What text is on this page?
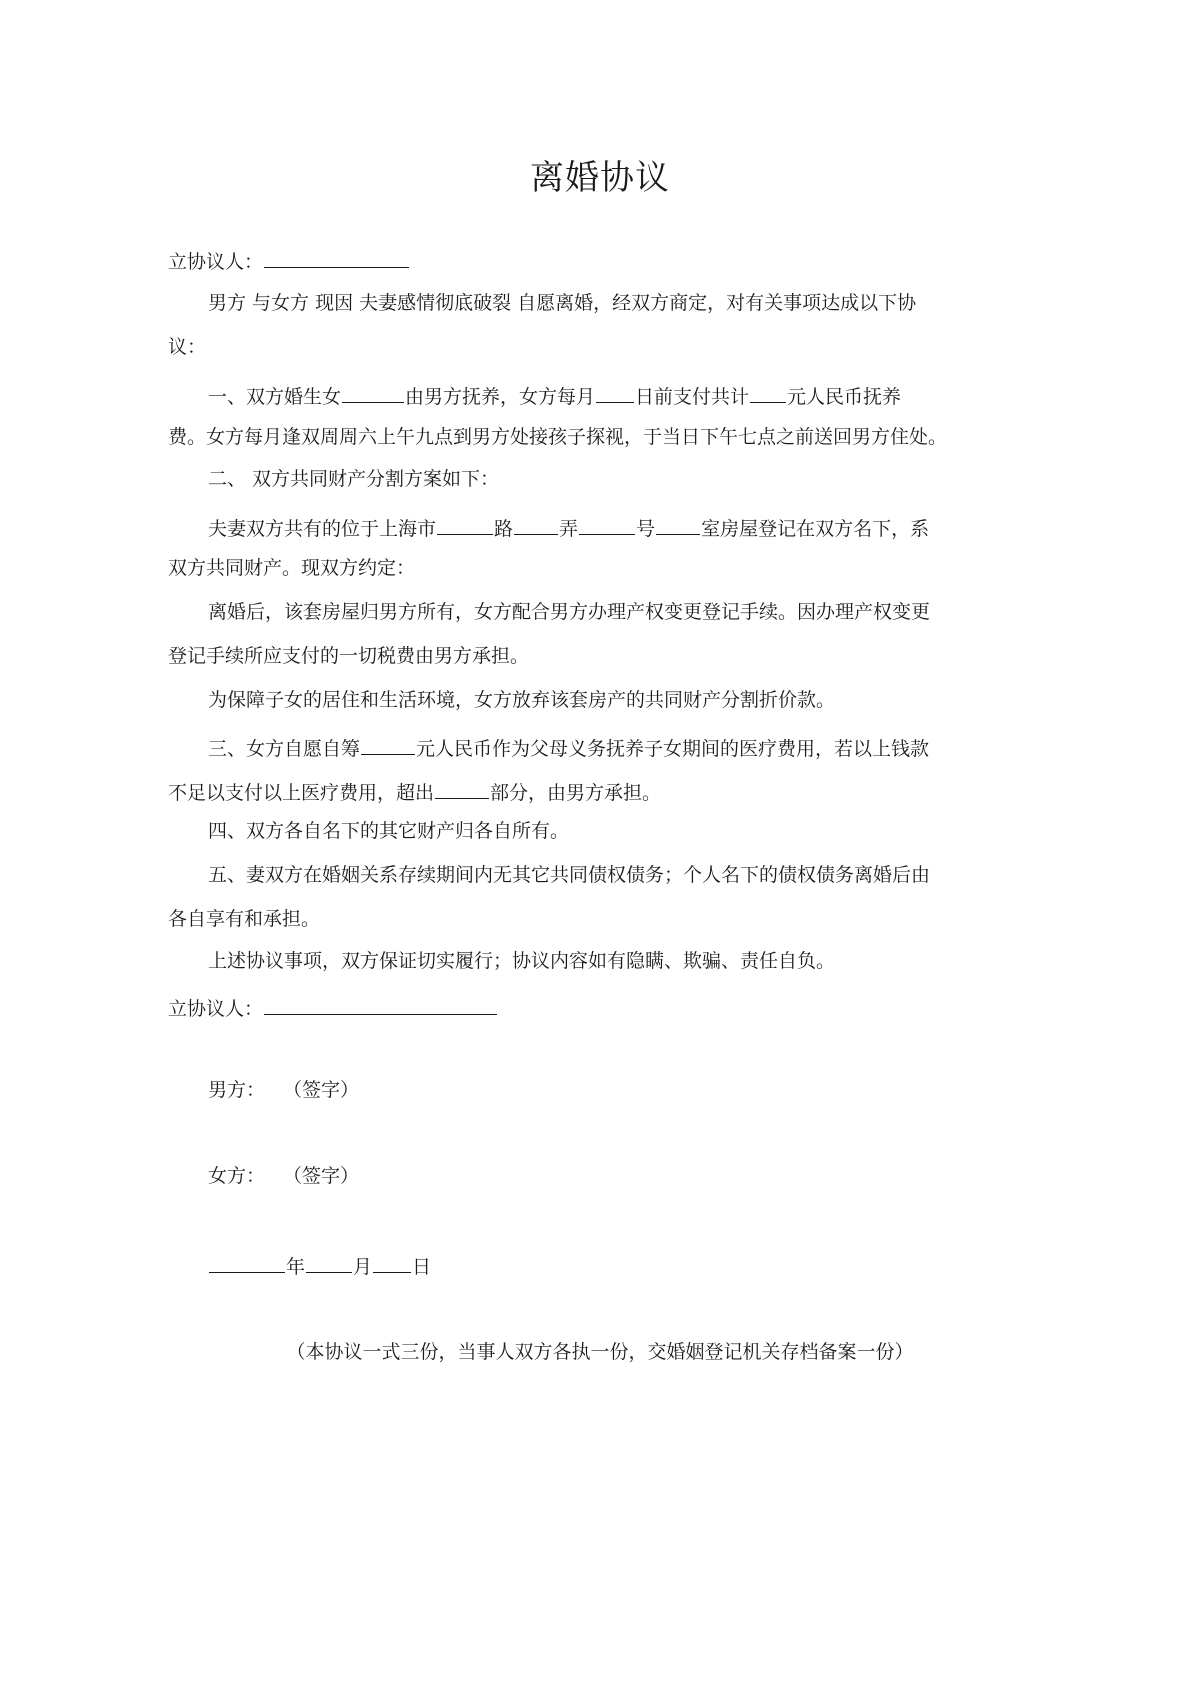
离婚协议
立协议人：
男方 与女方 现因 夫妻感情彻底破裂 自愿离婚，经双方商定，对有关事项达成以下协
议：
一、双方婚生女	由男方抚养，女方每月 日前支付共计 元人民币抚养
费。女方每月逢双周周六上午九点到男方处接孩子探视，于当日下午七点之前送回男方住处。
二、 双方共同财产分割方案如下：
夫妻双方共有的位于上海市	路 弄	号 室房屋登记在双方名下，系
双方共同财产。现双方约定：
离婚后，该套房屋归男方所有，女方配合男方办理产权变更登记手续。因办理产权变更
登记手续所应支付的一切税费由男方承担。
为保障子女的居住和生活环境，女方放弃该套房产的共同财产分割折价款。
三、女方自愿自筹	元人民币作为父母义务抚养子女期间的医疗费用，若以上钱款
不足以支付以上医疗费用，超出	部分，由男方承担。
四、双方各自名下的其它财产归各自所有。
五、妻双方在婚姻关系存续期间内无其它共同债权债务；个人名下的债权债务离婚后由
各自享有和承担。
上述协议事项，双方保证切实履行；协议内容如有隐瞒、欺骗、责任自负。
立协议人：
男方： （签字）
女方： （签字）
年	月 日
（本协议一式三份，当事人双方各执一份，交婚姻登记机关存档备案一份）
